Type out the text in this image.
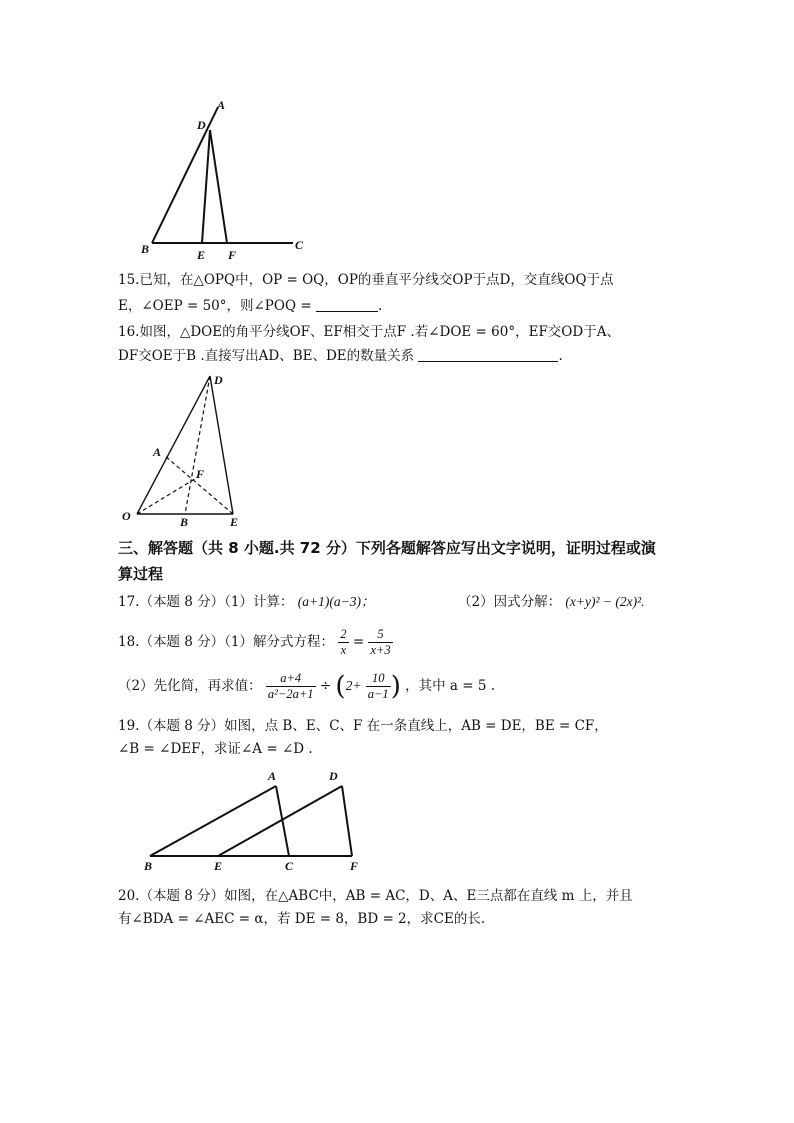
A
D
B	E F
C
15.已知，在△OPQ中，OP = OQ，OP的垂直平分线交OP于点D，交直线OQ于点
E，∠OEP = 50°，则∠POQ =	.
16.如图，△DOE的角平分线OF、EF相交于点F .若∠DOE = 60°，EF交OD于A、
DF交OE于B .直接写出AD、BE、DE的数量关系	.
D
A
F
O	B	E
三、解答题（共 8 小题.共 72 分）下列各题解答应写出文字说明，证明过程或演
算过程
17.（本题 8 分）（1）计算： (a+1)(a−3)；	（2）因式分解： (x+y)² − (2x)².
18.（本题 8 分）（1）解分式方程： $\frac{2}{x} = \frac{5}{x+3}$
（2）先化简，再求值： $\frac{a+4}{\text{a²−2a+1}} \div (2+ \frac{10}{a-1}$ ) ，其中 a = 5 .
19.（本题 8 分）如图，点 B、E、C、F 在一条直线上，AB = DE，BE = CF，
∠B = ∠DEF，求证∠A = ∠D .
A	D
B	E	C	F
20.（本题 8 分）如图，在△ABC中，AB = AC，D、A、E三点都在直线 m 上，并且
有∠BDA = ∠AEC = α，若 DE = 8，BD = 2，求CE的长.
